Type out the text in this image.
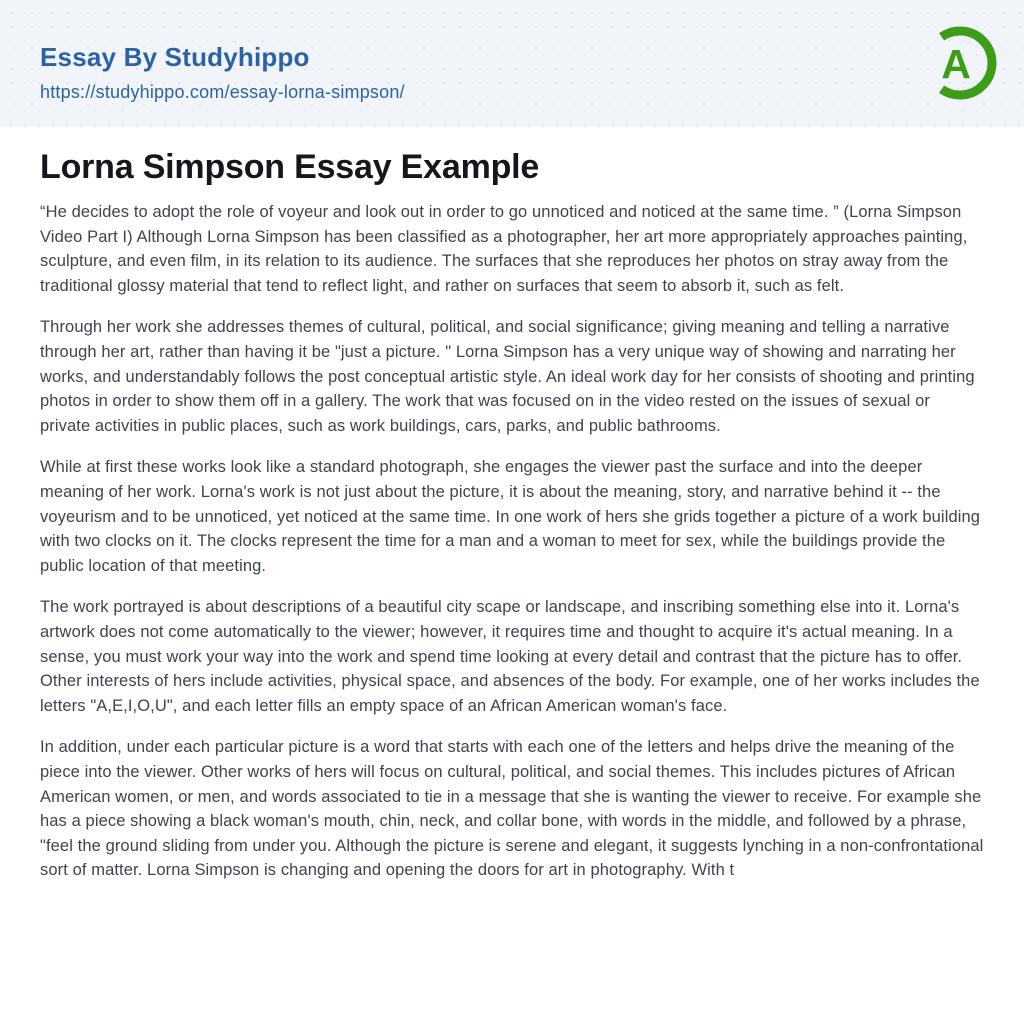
Essay By Studyhippo
https://studyhippo.com/essay-lorna-simpson/
A
Lorna Simpson Essay Example

“He decides to adopt the role of voyeur and look out in order to go unnoticed and noticed at the same time. ” (Lorna Simpson Video Part I) Although Lorna Simpson has been classified as a photographer, her art more appropriately approaches painting, sculpture, and even film, in its relation to its audience. The surfaces that she reproduces her photos on stray away from the traditional glossy material that tend to reflect light, and rather on surfaces that seem to absorb it, such as felt.

Through her work she addresses themes of cultural, political, and social significance; giving meaning and telling a narrative through her art, rather than having it be "just a picture. " Lorna Simpson has a very unique way of showing and narrating her works, and understandably follows the post conceptual artistic style. An ideal work day for her consists of shooting and printing photos in order to show them off in a gallery. The work that was focused on in the video rested on the issues of sexual or private activities in public places, such as work buildings, cars, parks, and public bathrooms.

While at first these works look like a standard photograph, she engages the viewer past the surface and into the deeper meaning of her work. Lorna's work is not just about the picture, it is about the meaning, story, and narrative behind it -- the voyeurism and to be unnoticed, yet noticed at the same time. In one work of hers she grids together a picture of a work building with two clocks on it. The clocks represent the time for a man and a woman to meet for sex, while the buildings provide the public location of that meeting.

The work portrayed is about descriptions of a beautiful city scape or landscape, and inscribing something else into it. Lorna's artwork does not come automatically to the viewer; however, it requires time and thought to acquire it's actual meaning. In a sense, you must work your way into the work and spend time looking at every detail and contrast that the picture has to offer. Other interests of hers include activities, physical space, and absences of the body. For example, one of her works includes the letters "A,E,I,O,U", and each letter fills an empty space of an African American woman's face.

In addition, under each particular picture is a word that starts with each one of the letters and helps drive the meaning of the piece into the viewer. Other works of hers will focus on cultural, political, and social themes. This includes pictures of African American women, or men, and words associated to tie in a message that she is wanting the viewer to receive. For example she has a piece showing a black woman's mouth, chin, neck, and collar bone, with words in the middle, and followed by a phrase, "feel the ground sliding from under you. Although the picture is serene and elegant, it suggests lynching in a non-confrontational sort of matter. Lorna Simpson is changing and opening the doors for art in photography. With t
